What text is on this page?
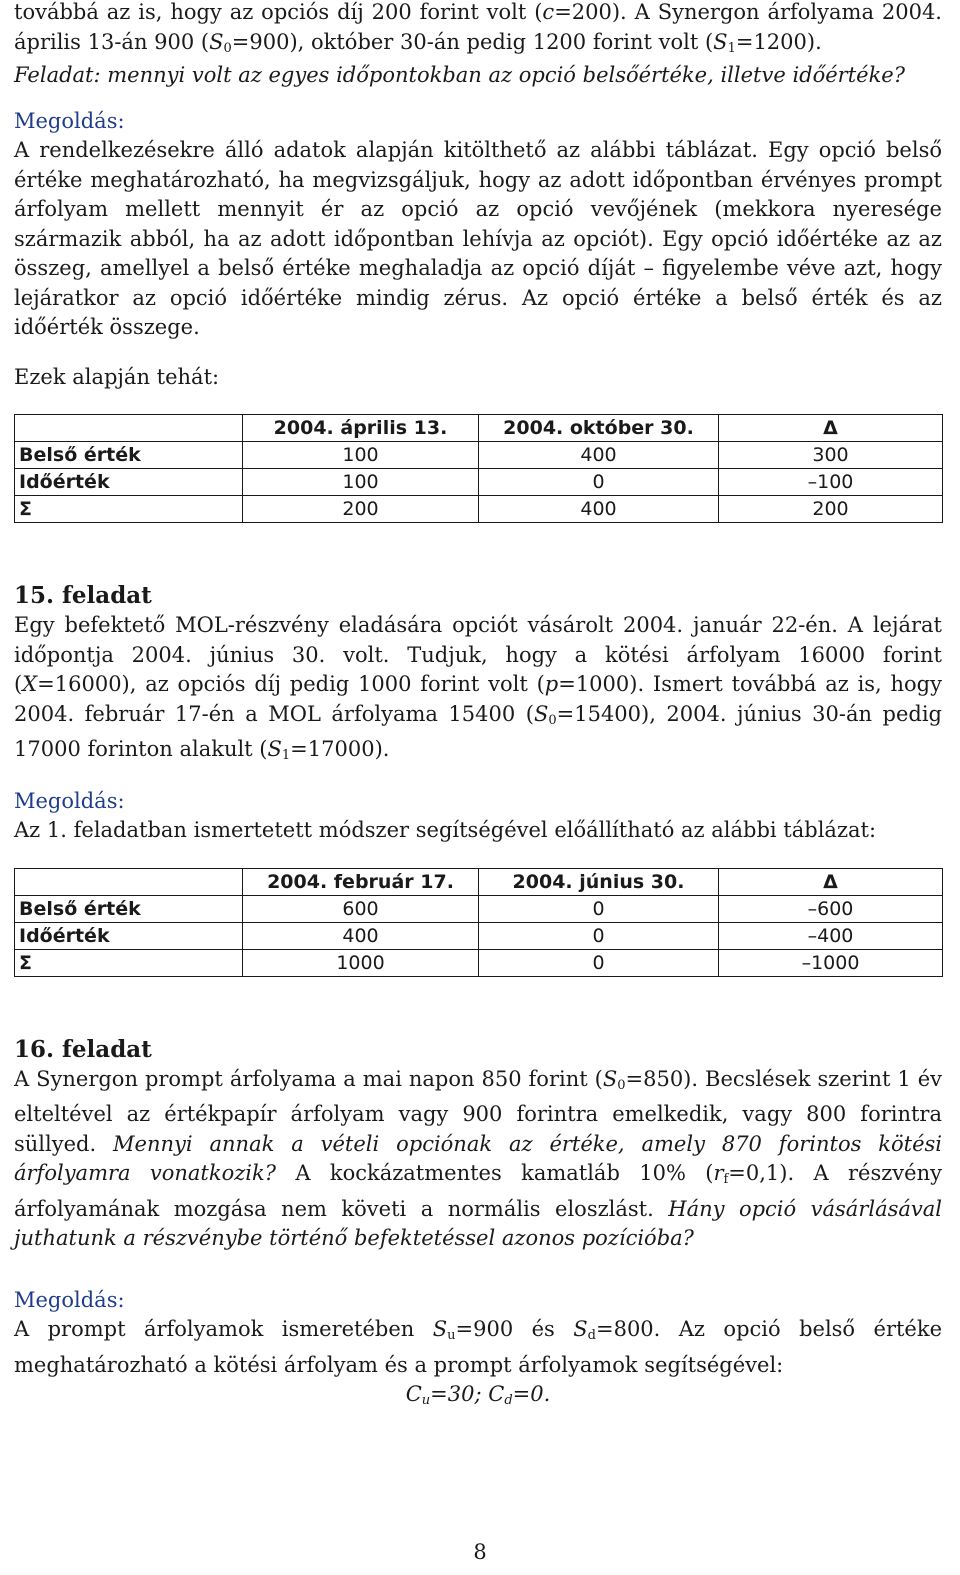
továbbá az is, hogy az opciós díj 200 forint volt (c=200). A Synergon árfolyama 2004. április 13-án 900 $(S_0=900)$, október 30-án pedig 1200 forint volt $(S_1=1200)$.

Feladat: mennyi volt az egyes időpontokban az opció belsőértéke, illetve időértéke?

Megoldás:

A rendelkezésekre álló adatok alapján kitölthető az alábbi táblázat. Egy opció belső értéke meghatározható, ha megvizsgáljuk, hogy az adott időpontban érvényes prompt árfolyam mellett mennyit ér az opció az opció vevőjének (mekkora nyeresége származik abból, ha az adott időpontban lehívja az opciót). Egy opció időértéke az az összeg, amellyel a belső értéke meghaladja az opció díját – figyelembe véve azt, hogy lejáratkor az opció időértéke mindig zérus. Az opció értéke a belső érték és az időérték összege.

Ezek alapján tehát:

	2004. április 13.	2004. október 30.	Δ
Belső érték	100	400	300
Időérték	100	0	–100
Σ	200	400	200
15. feladat

Egy befektető MOL-részvény eladására opciót vásárolt 2004. január 22-én. A lejárat időpontja 2004. június 30. volt. Tudjuk, hogy a kötési árfolyam 16000 forint (X=16000), az opciós díj pedig 1000 forint volt (p=1000). Ismert továbbá az is, hogy 2004. február 17-én a MOL árfolyama 15400 $(S_0=15400)$, 2004. június 30-án pedig 17000 forinton alakult $(S_1=17000)$.

Megoldás:

Az 1. feladatban ismertetett módszer segítségével előállítható az alábbi táblázat:

	2004. február 17.	2004. június 30.	Δ
Belső érték	600	0	–600
Időérték	400	0	–400
Σ	1000	0	–1000
16. feladat

A Synergon prompt árfolyama a mai napon 850 forint $(S_0=850)$. Becslések szerint 1 év elteltével az értékpapír árfolyam vagy 900 forintra emelkedik, vagy 800 forintra süllyed. Mennyi annak a vételi opciónak az értéke, amely 870 forintos kötési árfolyamra vonatkozik? A kockázatmentes kamatláb 10% $(r_f=0,1)$. A részvény árfolyamának mozgása nem követi a normális eloszlást. Hány opció vásárlásával juthatunk a részvénybe történő befektetéssel azonos pozícióba?

Megoldás:

A prompt árfolyamok ismeretében $S_u=900$ és $S_d=800$. Az opció belső értéke meghatározható a kötési árfolyam és a prompt árfolyamok segítségével:

$C_u=30$; $C_d=0$.
8
